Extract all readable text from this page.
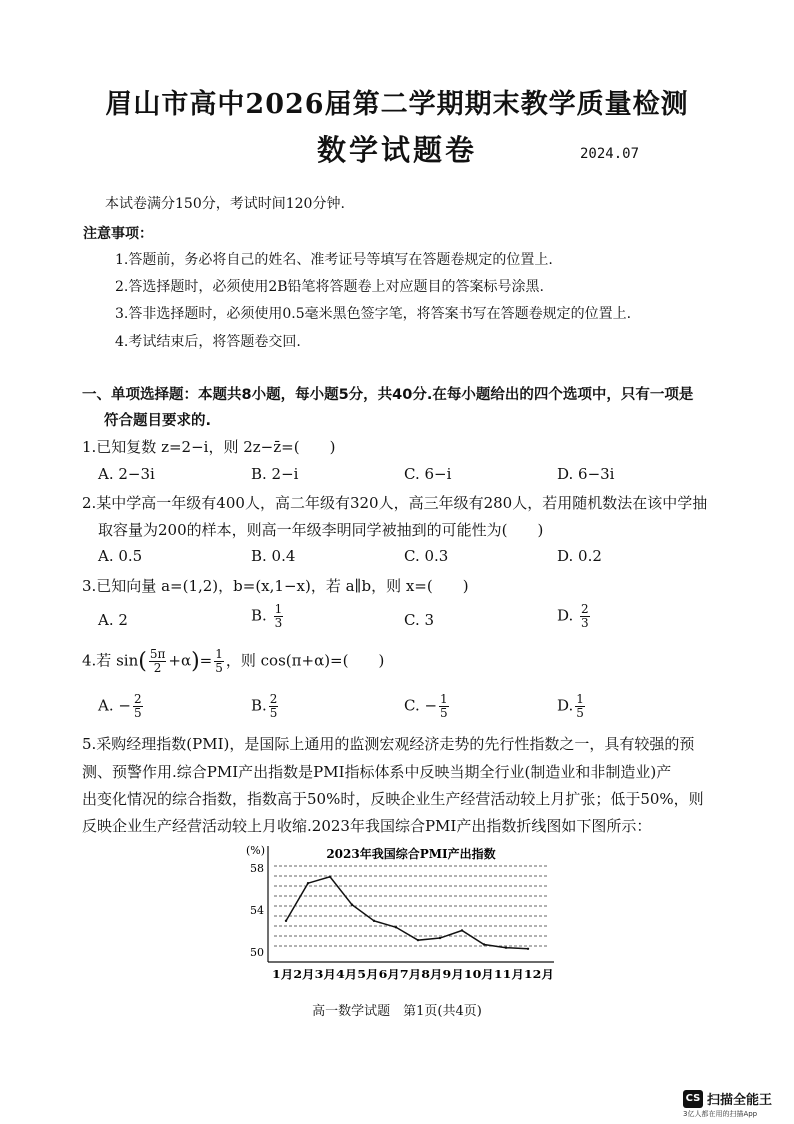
眉山市高中2026届第二学期期末教学质量检测
数学试题卷	2024.07
本试卷满分150分，考试时间120分钟.
注意事项：
1.答题前，务必将自己的姓名、准考证号等填写在答题卷规定的位置上.
2.答选择题时，必须使用2B铅笔将答题卷上对应题目的答案标号涂黑.
3.答非选择题时，必须使用0.5毫米黑色签字笔，将答案书写在答题卷规定的位置上.
4.考试结束后，将答题卷交回.
一、单项选择题：本题共8小题，每小题5分，共40分.在每小题给出的四个选项中，只有一项是
符合题目要求的.
1.已知复数 z=2−i，则 2z−z̄=(　　)
A. 2−3i	B. 2−i	C. 6−i	D. 6−3i
2.某中学高一年级有400人，高二年级有320人，高三年级有280人，若用随机数法在该中学抽
取容量为200的样本，则高一年级李明同学被抽到的可能性为(　　)
A. 0.5	B. 0.4	C. 0.3	D. 0.2
3.已知向量 a=(1,2)，b=(x,1−x)，若 a∥b，则 x=(　　)
A. 2	B. $\frac{1}{3}$	C. 3	D. $\frac{2}{3}$
4.若 $\sin( \frac{5\pi}{2} +\alpha)= \frac{1}{5}$ ，则 cos(π+α)=(　　)
A. − $\frac{2}{5}$	B. $\frac{2}{5}$	C. − $\frac{1}{5}$	D. $\frac{1}{5}$
5.采购经理指数(PMI)，是国际上通用的监测宏观经济走势的先行性指数之一，具有较强的预
测、预警作用.综合PMI产出指数是PMI指标体系中反映当期全行业(制造业和非制造业)产
出变化情况的综合指数，指数高于50%时，反映企业生产经营活动较上月扩张；低于50%，则
反映企业生产经营活动较上月收缩.2023年我国综合PMI产出指数折线图如下图所示：
2023年我国综合PMI产出指数
(%)
58
54
50
1月2月3月4月5月6月7月8月9月10月11月12月
高一数学试题　第1页(共4页)
CS 扫描全能王
3亿人都在用的扫描App
